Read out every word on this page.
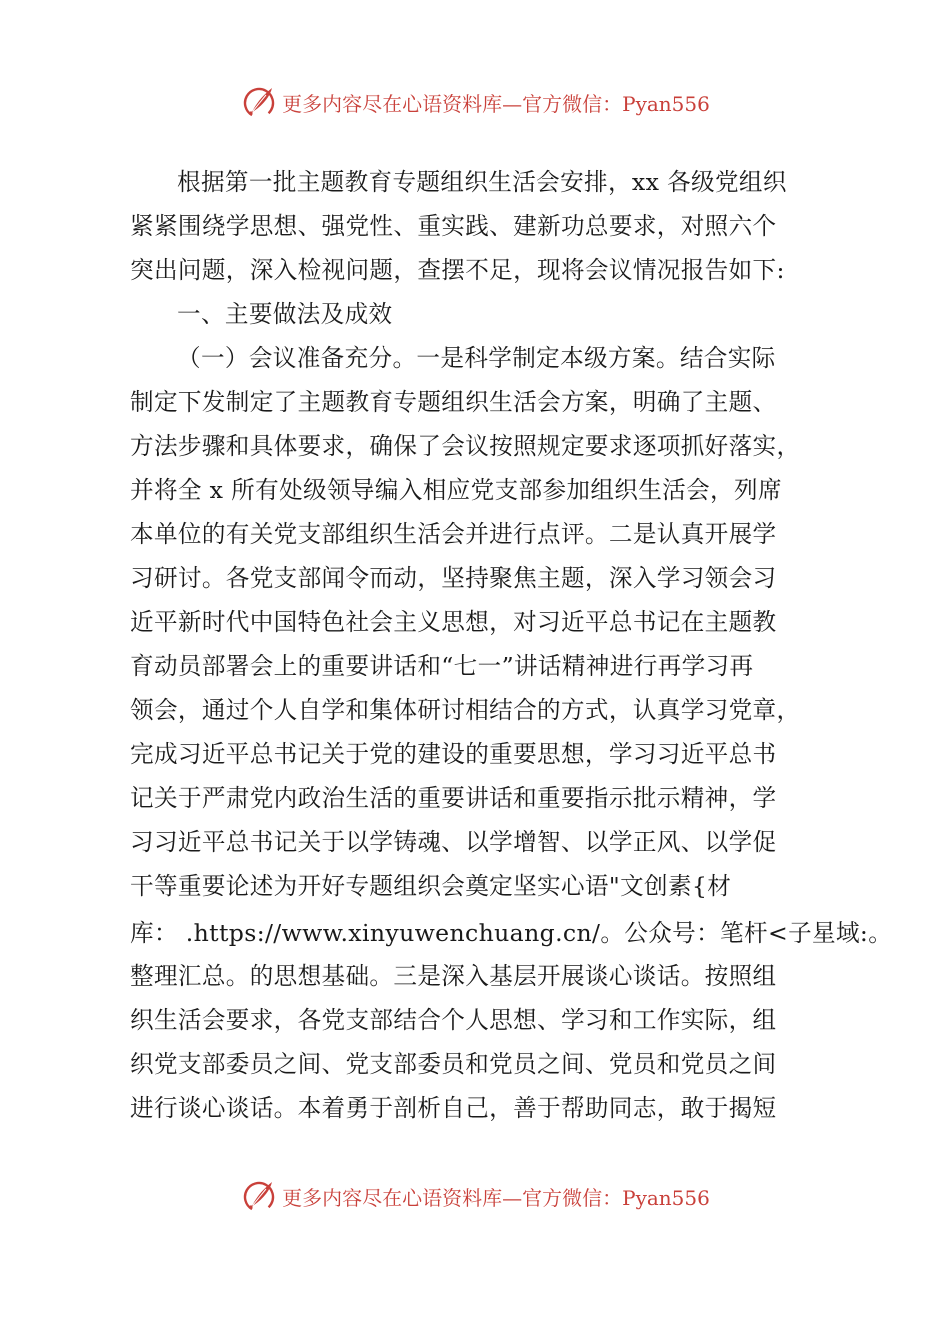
更多内容尽在心语资料库—官方微信：Pyan556
根据第一批主题教育专题组织生活会安排，xx 各级党组织
紧紧围绕学思想、强党性、重实践、建新功总要求，对照六个
突出问题，深入检视问题，查摆不足，现将会议情况报告如下:
一、主要做法及成效
（一）会议准备充分。一是科学制定本级方案。结合实际
制定下发制定了主题教育专题组织生活会方案，明确了主题、
方法步骤和具体要求，确保了会议按照规定要求逐项抓好落实，
并将全 x 所有处级领导编入相应党支部参加组织生活会，列席
本单位的有关党支部组织生活会并进行点评。二是认真开展学
习研讨。各党支部闻令而动，坚持聚焦主题，深入学习领会习
近平新时代中国特色社会主义思想，对习近平总书记在主题教
育动员部署会上的重要讲话和“七一”讲话精神进行再学习再
领会，通过个人自学和集体研讨相结合的方式，认真学习党章，
完成习近平总书记关于党的建设的重要思想，学习习近平总书
记关于严肃党内政治生活的重要讲话和重要指示批示精神，学
习习近平总书记关于以学铸魂、以学增智、以学正风、以学促
干等重要论述为开好专题组织会奠定坚实心语"文创素{材
库： .https://www.xinyuwenchuang.cn/。公众号：笔杆<子星域:。
整理汇总。的思想基础。三是深入基层开展谈心谈话。按照组
织生活会要求，各党支部结合个人思想、学习和工作实际，组
织党支部委员之间、党支部委员和党员之间、党员和党员之间
进行谈心谈话。本着勇于剖析自己，善于帮助同志，敢于揭短
更多内容尽在心语资料库—官方微信：Pyan556
